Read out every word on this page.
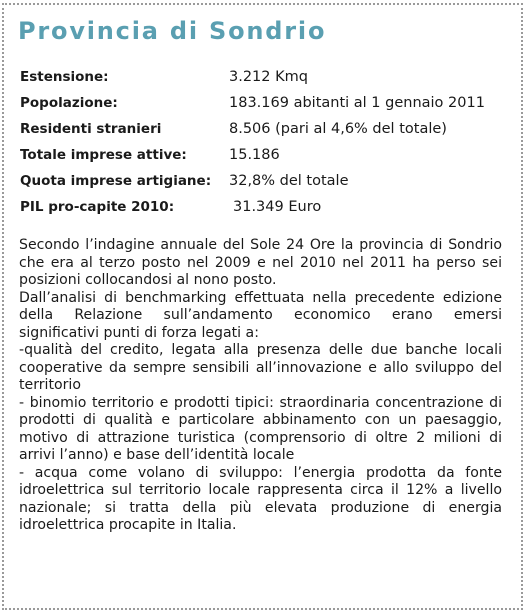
Provincia di Sondrio
Estensione:	3.212 Kmq
Popolazione:	183.169 abitanti al 1 gennaio 2011
Residenti stranieri	8.506 (pari al 4,6% del totale)
Totale imprese attive:	15.186
Quota imprese artigiane:	32,8% del totale
PIL pro-capite 2010:	31.349 Euro

Secondo l’indagine annuale del Sole 24 Ore la provincia di Sondrio che era al terzo posto nel 2009 e nel 2010 nel 2011 ha perso sei posizioni collocandosi al nono posto.

Dall’analisi di benchmarking effettuata nella precedente edizione della Relazione sull’andamento economico erano emersi significativi punti di forza legati a:

-qualità del credito, legata alla presenza delle due banche locali cooperative da sempre sensibili all’innovazione e allo sviluppo del territorio

- binomio territorio e prodotti tipici: straordinaria concentrazione di prodotti di qualità e particolare abbinamento con un paesaggio, motivo di attrazione turistica (comprensorio di oltre 2 milioni di arrivi l’anno) e base dell’identità locale

- acqua come volano di sviluppo: l’energia prodotta da fonte idroelettrica sul territorio locale rappresenta circa il 12% a livello nazionale; si tratta della più elevata produzione di energia idroelettrica procapite in Italia.
